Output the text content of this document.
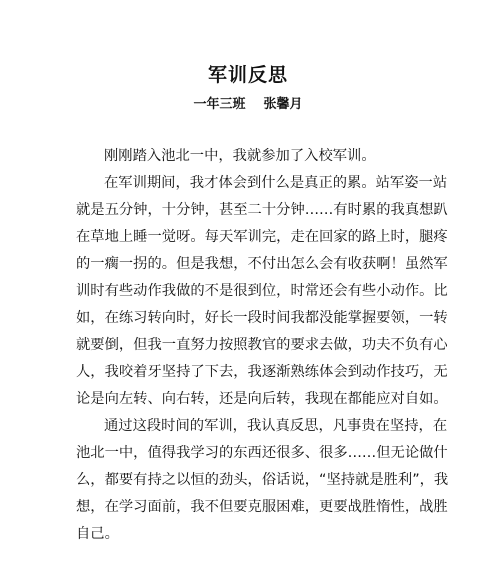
军训反思
一年三班 张馨月
刚刚踏入池北一中，我就参加了入校军训。
在军训期间，我才体会到什么是真正的累。站军姿一站
就是五分钟，十分钟，甚至二十分钟……有时累的我真想趴
在草地上睡一觉呀。每天军训完，走在回家的路上时，腿疼
的一瘸一拐的。但是我想，不付出怎么会有收获啊！虽然军
训时有些动作我做的不是很到位，时常还会有些小动作。比
如，在练习转向时，好长一段时间我都没能掌握要领，一转
就要倒，但我一直努力按照教官的要求去做，功夫不负有心
人，我咬着牙坚持了下去，我逐渐熟练体会到动作技巧，无
论是向左转、向右转，还是向后转，我现在都能应对自如。
通过这段时间的军训，我认真反思，凡事贵在坚持，在
池北一中，值得我学习的东西还很多、很多……但无论做什
么，都要有持之以恒的劲头，俗话说，“坚持就是胜利”，我
想，在学习面前，我不但要克服困难，更要战胜惰性，战胜
自己。
